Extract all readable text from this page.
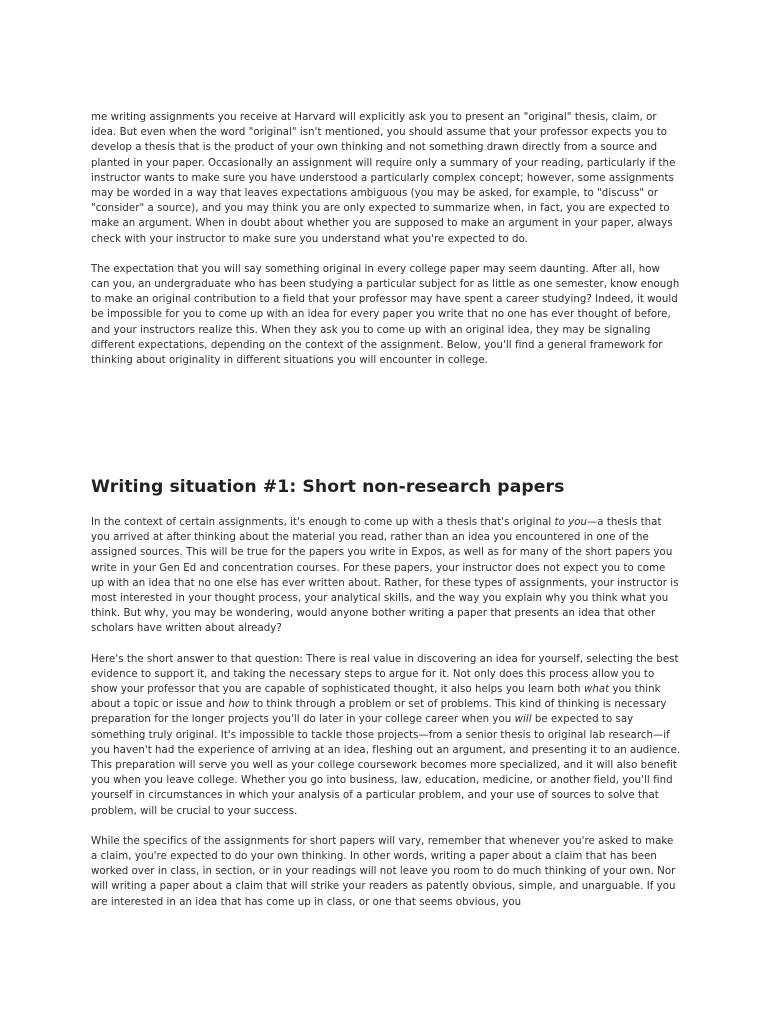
me writing assignments you receive at Harvard will explicitly ask you to present an "original" thesis, claim, or idea. But even when the word "original" isn't mentioned, you should assume that your professor expects you to develop a thesis that is the product of your own thinking and not something drawn directly from a source and planted in your paper. Occasionally an assignment will require only a summary of your reading, particularly if the instructor wants to make sure you have understood a particularly complex concept; however, some assignments may be worded in a way that leaves expectations ambiguous (you may be asked, for example, to "discuss" or "consider" a source), and you may think you are only expected to summarize when, in fact, you are expected to make an argument. When in doubt about whether you are supposed to make an argument in your paper, always check with your instructor to make sure you understand what you're expected to do.

The expectation that you will say something original in every college paper may seem daunting. After all, how can you, an undergraduate who has been studying a particular subject for as little as one semester, know enough to make an original contribution to a field that your professor may have spent a career studying? Indeed, it would be impossible for you to come up with an idea for every paper you write that no one has ever thought of before, and your instructors realize this. When they ask you to come up with an original idea, they may be signaling different expectations, depending on the context of the assignment. Below, you'll find a general framework for thinking about originality in different situations you will encounter in college.

Writing situation #1: Short non-research papers

In the context of certain assignments, it's enough to come up with a thesis that's original to you—a thesis that you arrived at after thinking about the material you read, rather than an idea you encountered in one of the assigned sources. This will be true for the papers you write in Expos, as well as for many of the short papers you write in your Gen Ed and concentration courses. For these papers, your instructor does not expect you to come up with an idea that no one else has ever written about. Rather, for these types of assignments, your instructor is most interested in your thought process, your analytical skills, and the way you explain why you think what you think. But why, you may be wondering, would anyone bother writing a paper that presents an idea that other scholars have written about already?

Here's the short answer to that question: There is real value in discovering an idea for yourself, selecting the best evidence to support it, and taking the necessary steps to argue for it. Not only does this process allow you to show your professor that you are capable of sophisticated thought, it also helps you learn both what you think about a topic or issue and how to think through a problem or set of problems. This kind of thinking is necessary preparation for the longer projects you'll do later in your college career when you will be expected to say something truly original. It's impossible to tackle those projects—from a senior thesis to original lab research—if you haven't had the experience of arriving at an idea, fleshing out an argument, and presenting it to an audience. This preparation will serve you well as your college coursework becomes more specialized, and it will also benefit you when you leave college. Whether you go into business, law, education, medicine, or another field, you'll find yourself in circumstances in which your analysis of a particular problem, and your use of sources to solve that problem, will be crucial to your success.

While the specifics of the assignments for short papers will vary, remember that whenever you're asked to make a claim, you're expected to do your own thinking. In other words, writing a paper about a claim that has been worked over in class, in section, or in your readings will not leave you room to do much thinking of your own. Nor will writing a paper about a claim that will strike your readers as patently obvious, simple, and unarguable. If you are interested in an idea that has come up in class, or one that seems obvious, you
